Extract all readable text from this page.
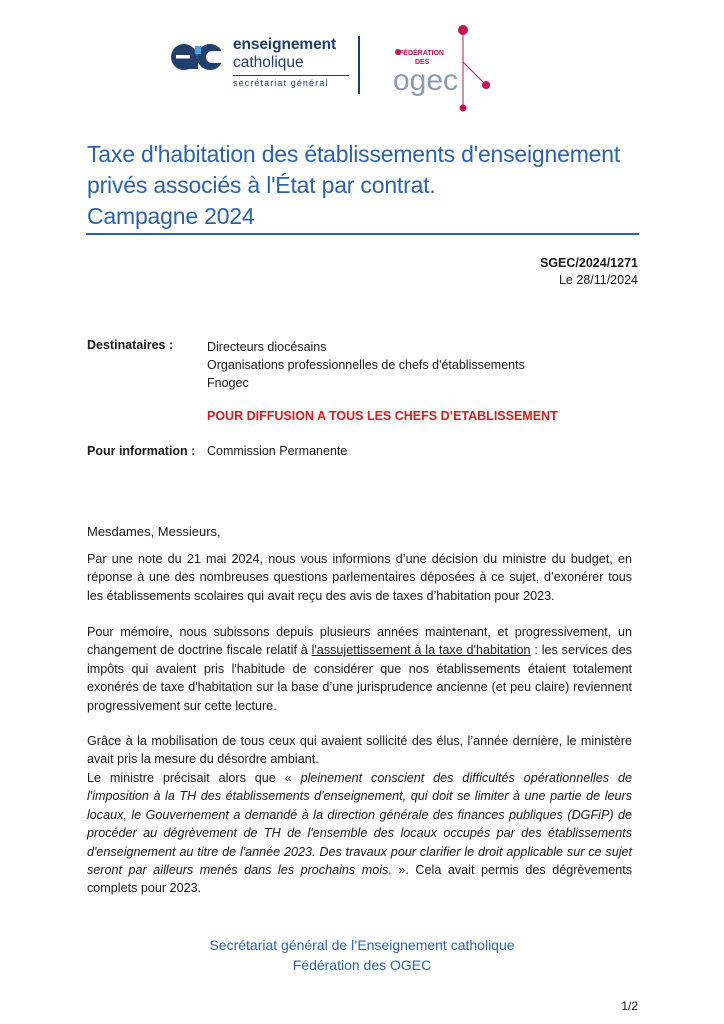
enseignement
catholique
secrétariat général
FÉDÉRATION
DES
ogec
Taxe d'habitation des établissements d'enseignement
privés associés à l'État par contrat.
Campagne 2024
SGEC/2024/1271
Le 28/11/2024
Destinataires :	Directeurs diocésains
Organisations professionnelles de chefs d'établissements
Fnogec
POUR DIFFUSION A TOUS LES CHEFS D’ETABLISSEMENT
Pour information : Commission Permanente
Mesdames, Messieurs,
Par une note du 21 mai 2024, nous vous informions d’une décision du ministre du budget, en réponse à une des nombreuses questions parlementaires déposées à ce sujet, d’exonérer tous les établissements scolaires qui avait reçu des avis de taxes d’habitation pour 2023.
Pour mémoire, nous subissons depuis plusieurs années maintenant, et progressivement, un changement de doctrine fiscale relatif à l'assujettissement à la taxe d'habitation : les services des impôts qui avaient pris l'habitude de considérer que nos établissements étaient totalement exonérés de taxe d'habitation sur la base d’une jurisprudence ancienne (et peu claire) reviennent progressivement sur cette lecture.
Grâce à la mobilisation de tous ceux qui avaient sollicité des élus, l’année dernière, le ministère avait pris la mesure du désordre ambiant.
Le ministre précisait alors que « pleinement conscient des difficultés opérationnelles de l'imposition à la TH des établissements d'enseignement, qui doit se limiter à une partie de leurs locaux, le Gouvernement a demandé à la direction générale des finances publiques (DGFiP) de procéder au dégrèvement de TH de l'ensemble des locaux occupés par des établissements d'enseignement au titre de l'année 2023. Des travaux pour clarifier le droit applicable sur ce sujet seront par ailleurs menés dans les prochains mois. ». Cela avait permis des dégrèvements complets pour 2023.
Secrétariat général de l’Enseignement catholique
Fédération des OGEC
1/2
